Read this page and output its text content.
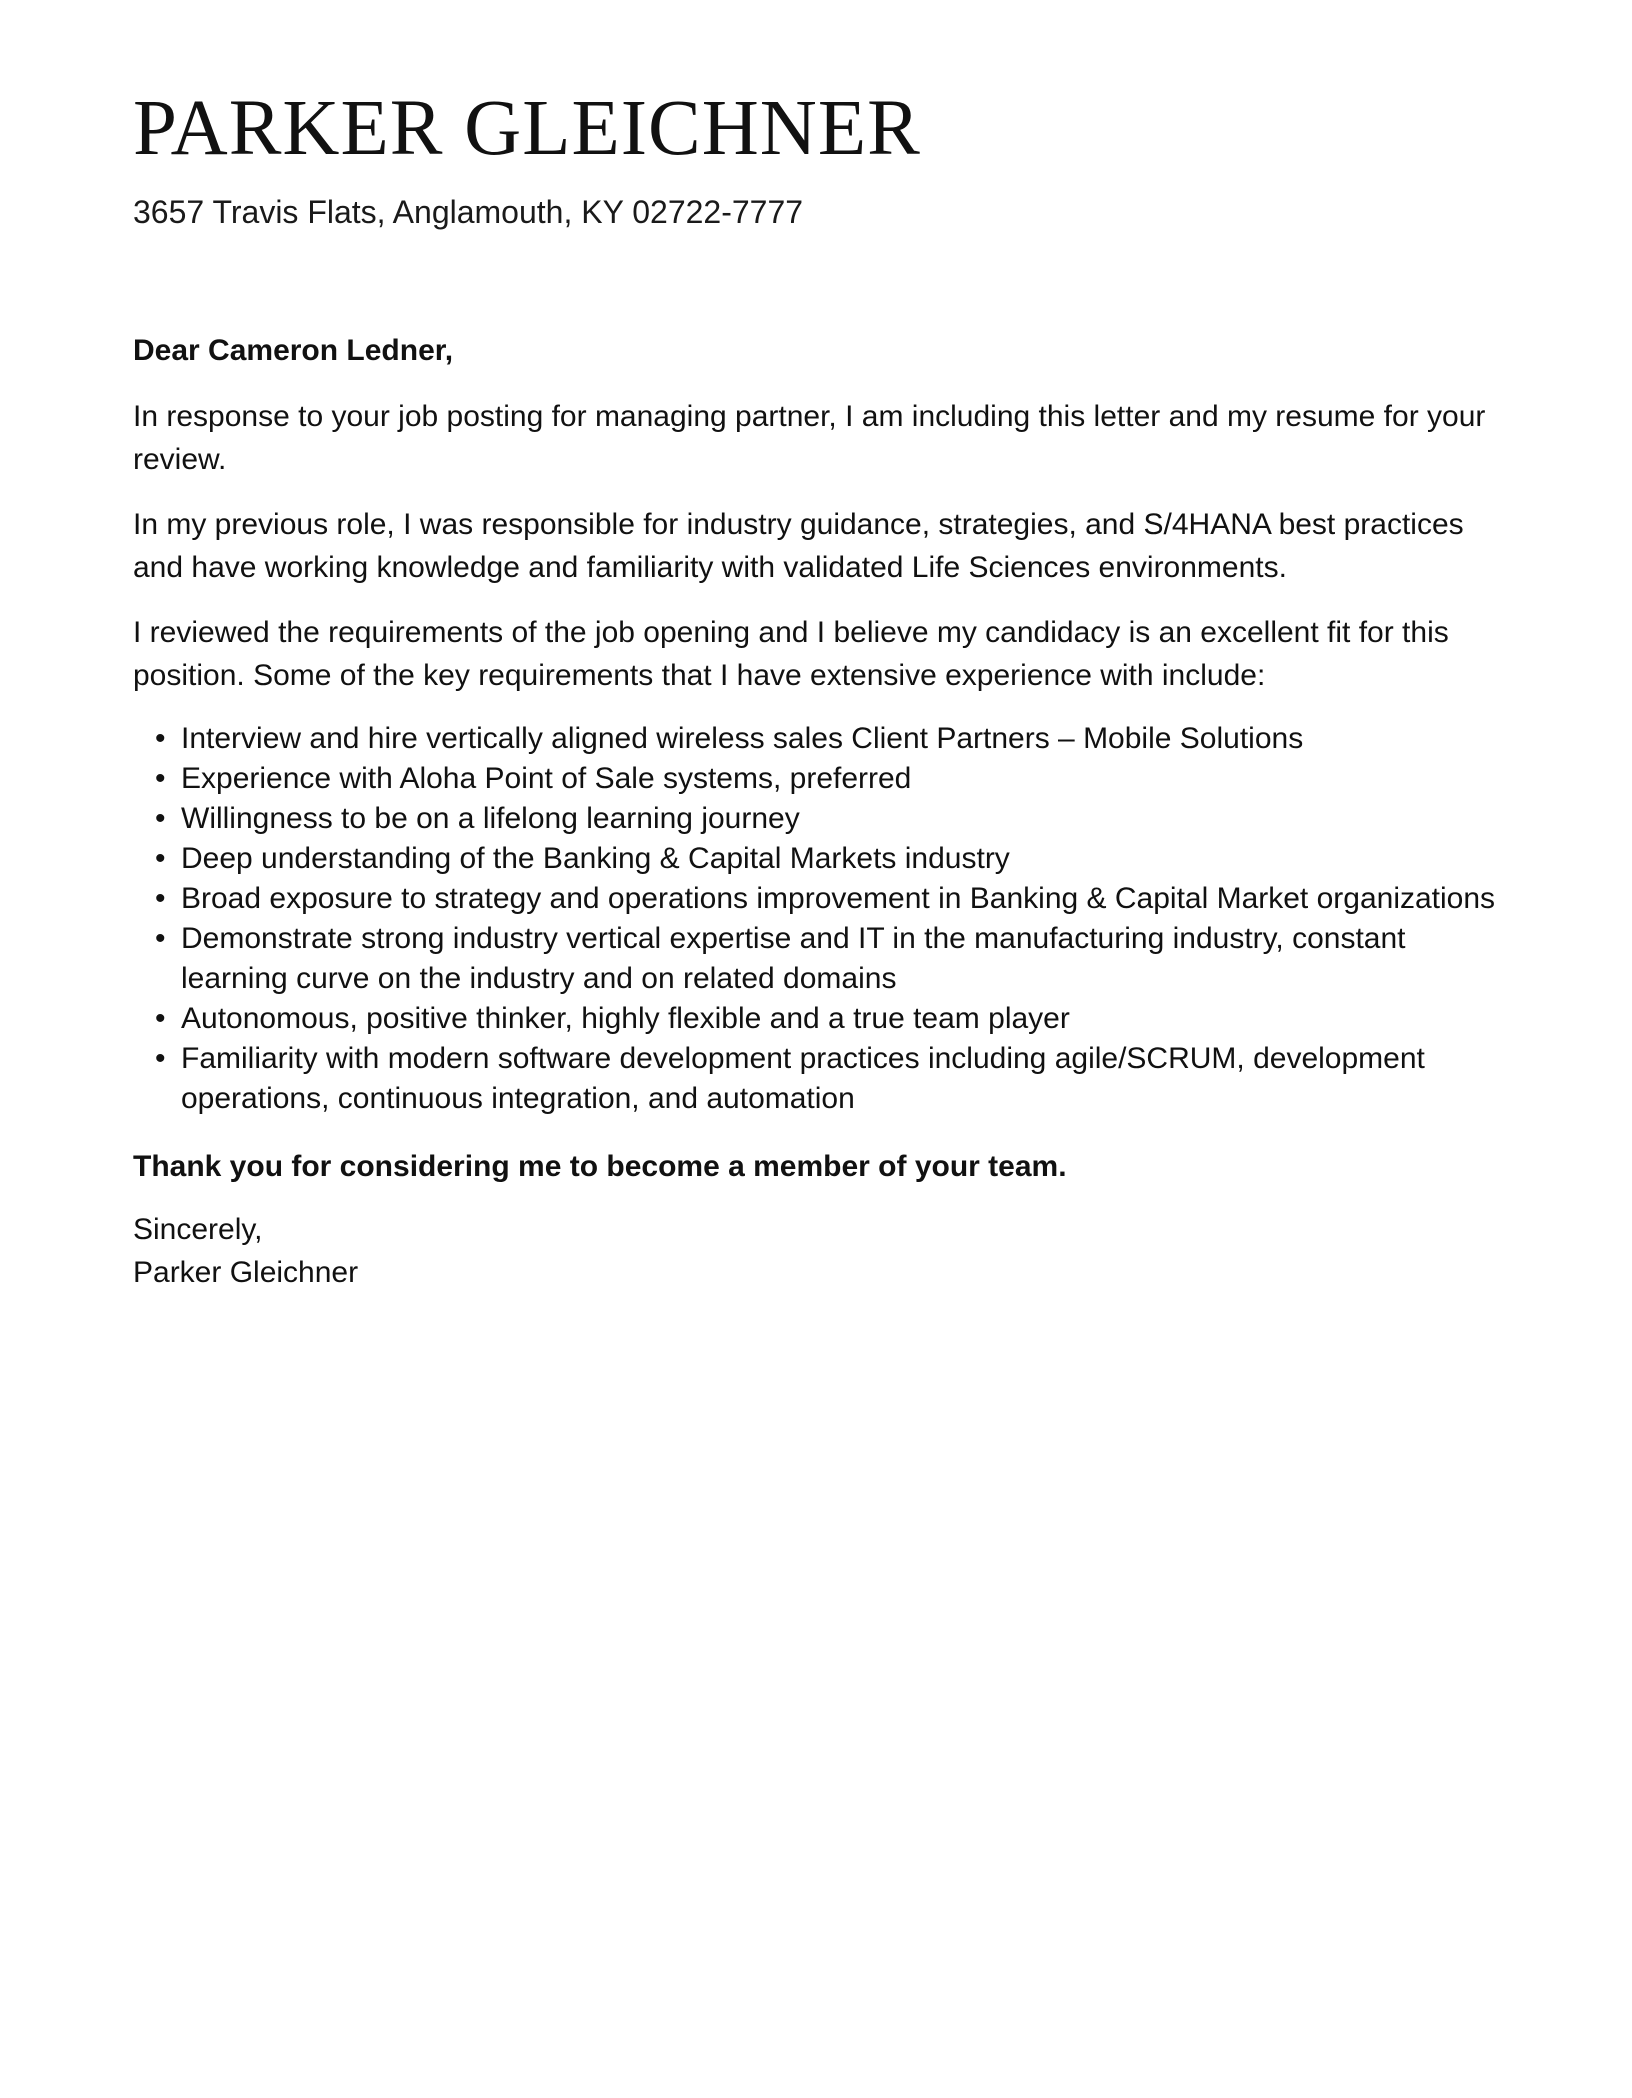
PARKER GLEICHNER

3657 Travis Flats, Anglamouth, KY 02722-7777

Dear Cameron Ledner,

In response to your job posting for managing partner, I am including this letter and my resume for your review.

In my previous role, I was responsible for industry guidance, strategies, and S/4HANA best practices and have working knowledge and familiarity with validated Life Sciences environments.

I reviewed the requirements of the job opening and I believe my candidacy is an excellent fit for this position. Some of the key requirements that I have extensive experience with include:

• Interview and hire vertically aligned wireless sales Client Partners – Mobile Solutions
• Experience with Aloha Point of Sale systems, preferred
• Willingness to be on a lifelong learning journey
• Deep understanding of the Banking & Capital Markets industry
• Broad exposure to strategy and operations improvement in Banking & Capital Market organizations
• Demonstrate strong industry vertical expertise and IT in the manufacturing industry, constant learning curve on the industry and on related domains
• Autonomous, positive thinker, highly flexible and a true team player
• Familiarity with modern software development practices including agile/SCRUM, development operations, continuous integration, and automation

Thank you for considering me to become a member of your team.

Sincerely,
Parker Gleichner
